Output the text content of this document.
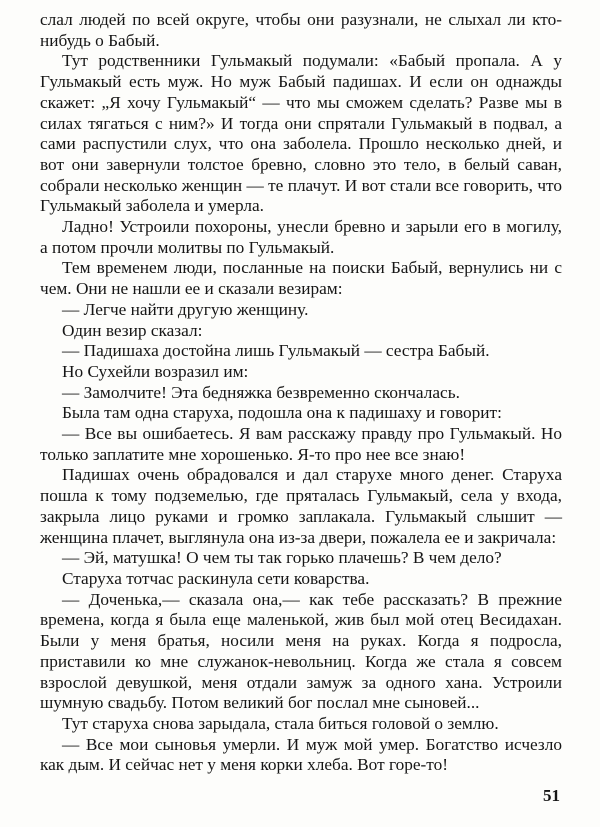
слал людей по всей округе, чтобы они разузнали, не слыхал ли кто-нибудь о Бабый.

Тут родственники Гульмакый подумали: «Бабый пропала. А у Гульмакый есть муж. Но муж Бабый падишах. И если он однажды скажет: „Я хочу Гульмакый“ — что мы сможем сделать? Разве мы в силах тягаться с ним?» И тогда они спрятали Гульмакый в подвал, а сами распустили слух, что она заболела. Прошло несколько дней, и вот они завернули толстое бревно, словно это тело, в белый саван, собрали несколько женщин — те плачут. И вот стали все говорить, что Гульмакый заболела и умерла.

Ладно! Устроили похороны, унесли бревно и зарыли его в могилу, а потом прочли молитвы по Гульмакый.

Тем временем люди, посланные на поиски Бабый, вернулись ни с чем. Они не нашли ее и сказали везирам:

— Легче найти другую женщину.

Один везир сказал:

— Падишаха достойна лишь Гульмакый — сестра Бабый.

Но Сухейли возразил им:

— Замолчите! Эта бедняжка безвременно скончалась.

Была там одна старуха, подошла она к падишаху и говорит:

— Все вы ошибаетесь. Я вам расскажу правду про Гульмакый. Но только заплатите мне хорошенько. Я-то про нее все знаю!

Падишах очень обрадовался и дал старухе много денег. Старуха пошла к тому подземелью, где пряталась Гульмакый, села у входа, закрыла лицо руками и громко заплакала. Гульмакый слышит — женщина плачет, выглянула она из-за двери, пожалела ее и закричала:

— Эй, матушка! О чем ты так горько плачешь? В чем дело?

Старуха тотчас раскинула сети коварства.

— Доченька,— сказала она,— как тебе рассказать? В прежние времена, когда я была еще маленькой, жив был мой отец Весидахан. Были у меня братья, носили меня на руках. Когда я подросла, приставили ко мне служанок-невольниц. Когда же стала я совсем взрослой девушкой, меня отдали замуж за одного хана. Устроили шумную свадьбу. Потом великий бог послал мне сыновей...

Тут старуха снова зарыдала, стала биться головой о землю.

— Все мои сыновья умерли. И муж мой умер. Богатство исчезло как дым. И сейчас нет у меня корки хлеба. Вот горе-то!

51
